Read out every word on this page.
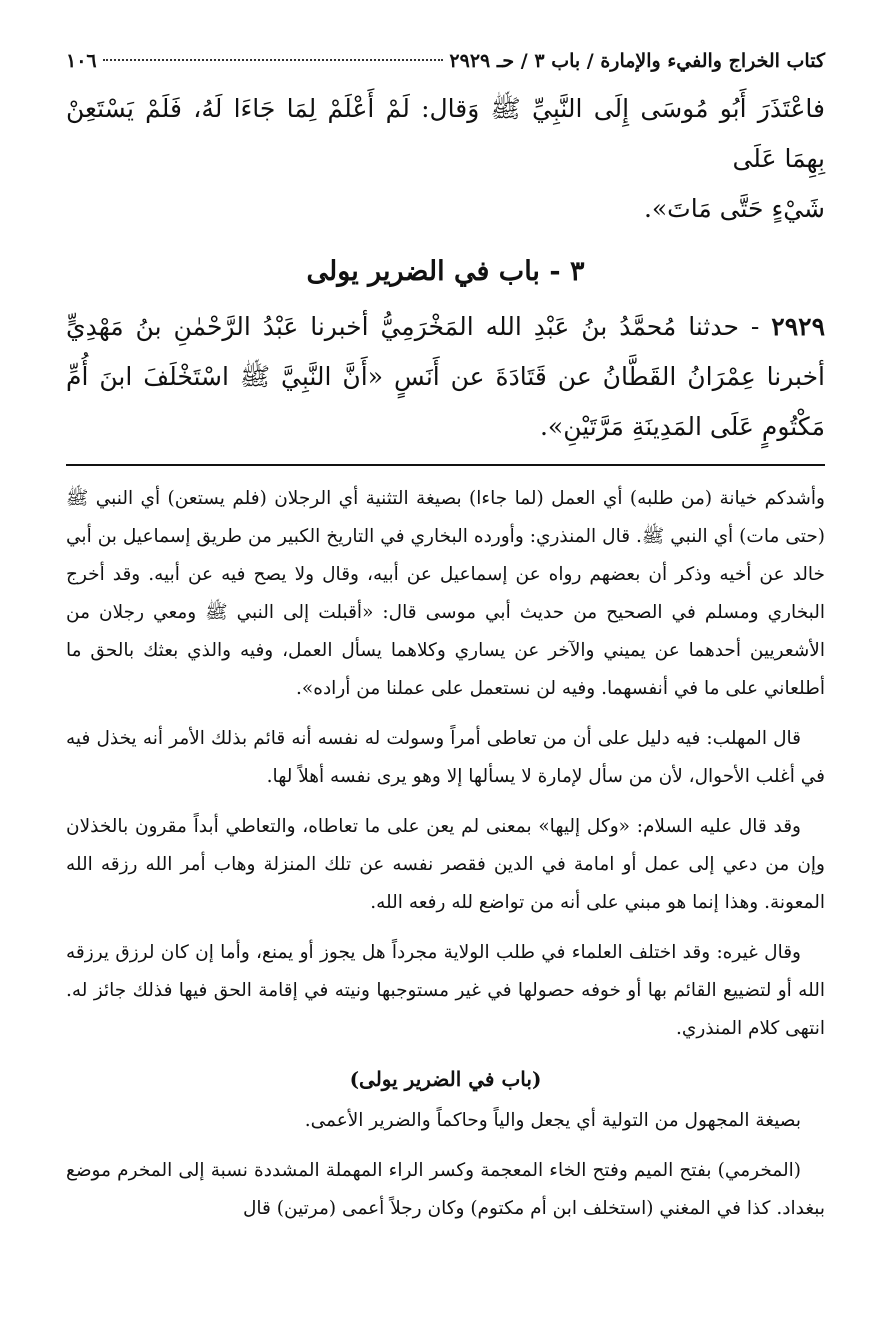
كتاب الخراج والفيء والإمارة / باب ٣ / حـ ٢٩٢٩
١٠٦

فاعْتَذَرَ أَبُو مُوسَى إِلَى النَّبِيِّ ﷺ وَقال: لَمْ أَعْلَمْ لِمَا جَاءَا لَهُ، فَلَمْ يَسْتَعِنْ بِهِمَا عَلَى

شَيْءٍ حَتَّى مَاتَ».

٣ - باب في الضرير يولى

٢٩٢٩ - حدثنا مُحمَّدُ بنُ عَبْدِ الله المَخْرَمِيُّ أخبرنا عَبْدُ الرَّحْمٰنِ بنُ مَهْدِيٍّ أخبرنا عِمْرَانُ القَطَّانُ عن قَتَادَةَ عن أَنَسٍ «أَنَّ النَّبِيَّ ﷺ اسْتَخْلَفَ ابنَ أُمِّ مَكْتُومٍ عَلَى المَدِينَةِ مَرَّتَيْنِ».

وأشدكم خيانة (من طلبه) أي العمل (لما جاءا) بصيغة التثنية أي الرجلان (فلم يستعن) أي النبي ﷺ (حتى مات) أي النبي ﷺ. قال المنذري: وأورده البخاري في التاريخ الكبير من طريق إسماعيل بن أبي خالد عن أخيه وذكر أن بعضهم رواه عن إسماعيل عن أبيه، وقال ولا يصح فيه عن أبيه. وقد أخرج البخاري ومسلم في الصحيح من حديث أبي موسى قال: «أقبلت إلى النبي ﷺ ومعي رجلان من الأشعريين أحدهما عن يميني والآخر عن يساري وكلاهما يسأل العمل، وفيه والذي بعثك بالحق ما أطلعاني على ما في أنفسهما. وفيه لن نستعمل على عملنا من أراده».

قال المهلب: فيه دليل على أن من تعاطى أمراً وسولت له نفسه أنه قائم بذلك الأمر أنه يخذل فيه في أغلب الأحوال، لأن من سأل لإمارة لا يسألها إلا وهو يرى نفسه أهلاً لها.

وقد قال عليه السلام: «وكل إليها» بمعنى لم يعن على ما تعاطاه، والتعاطي أبداً مقرون بالخذلان وإن من دعي إلى عمل أو امامة في الدين فقصر نفسه عن تلك المنزلة وهاب أمر الله رزقه الله المعونة. وهذا إنما هو مبني على أنه من تواضع لله رفعه الله.

وقال غيره: وقد اختلف العلماء في طلب الولاية مجرداً هل يجوز أو يمنع، وأما إن كان لرزق يرزقه الله أو لتضييع القائم بها أو خوفه حصولها في غير مستوجبها ونيته في إقامة الحق فيها فذلك جائز له. انتهى كلام المنذري.

(باب في الضرير يولى)

بصيغة المجهول من التولية أي يجعل والياً وحاكماً والضرير الأعمى.

(المخرمي) بفتح الميم وفتح الخاء المعجمة وكسر الراء المهملة المشددة نسبة إلى المخرم موضع ببغداد. كذا في المغني (استخلف ابن أم مكتوم) وكان رجلاً أعمى (مرتين) قال
